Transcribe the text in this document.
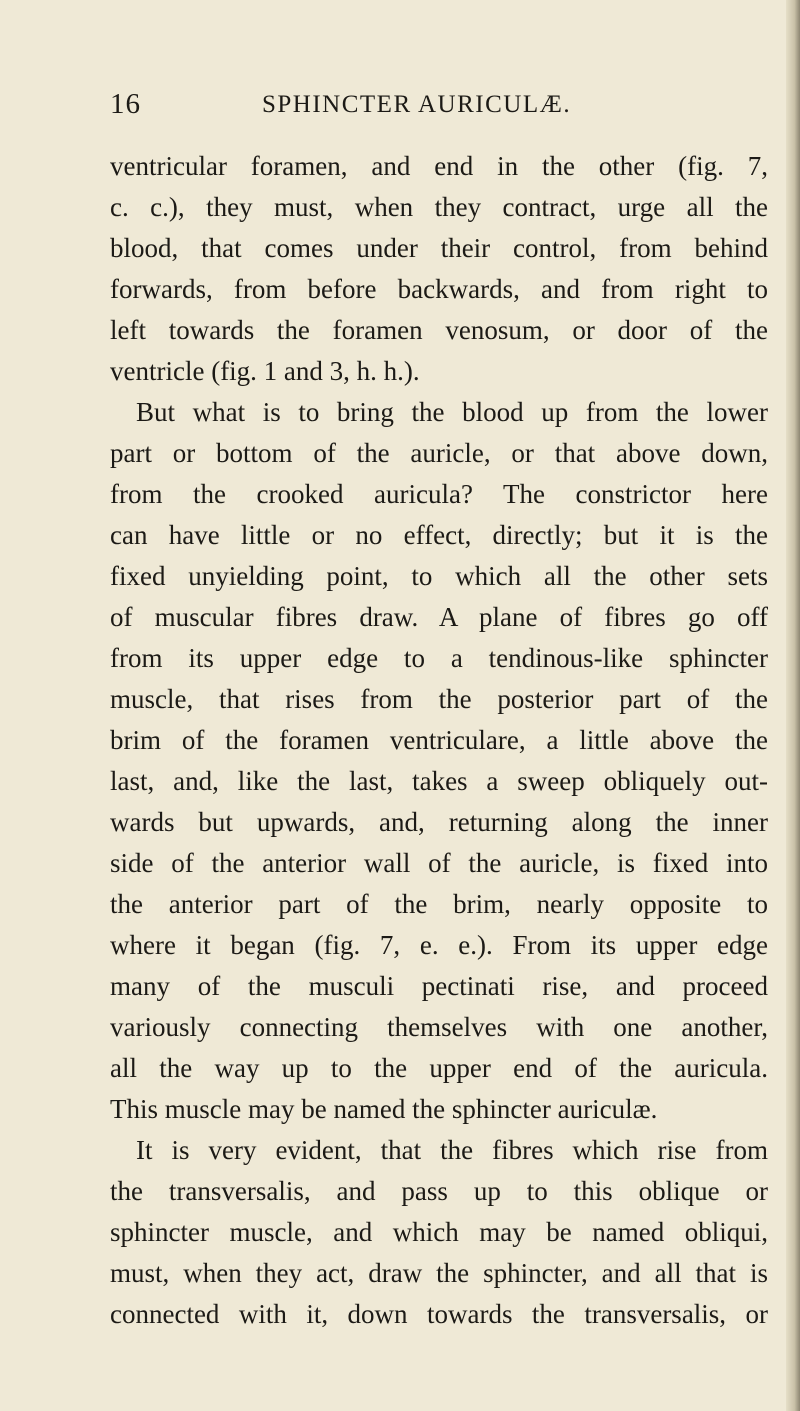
16	SPHINCTER AURICULÆ.
ventricular foramen, and end in the other (fig. 7,
c. c.), they must, when they contract, urge all the
blood, that comes under their control, from behind
forwards, from before backwards, and from right to
left towards the foramen venosum, or door of the
ventricle (fig. 1 and 3, h. h.).
But what is to bring the blood up from the lower
part or bottom of the auricle, or that above down,
from the crooked auricula? The constrictor here
can have little or no effect, directly; but it is the
fixed unyielding point, to which all the other sets
of muscular fibres draw. A plane of fibres go off
from its upper edge to a tendinous-like sphincter
muscle, that rises from the posterior part of the
brim of the foramen ventriculare, a little above the
last, and, like the last, takes a sweep obliquely out-
wards but upwards, and, returning along the inner
side of the anterior wall of the auricle, is fixed into
the anterior part of the brim, nearly opposite to
where it began (fig. 7, e. e.). From its upper edge
many of the musculi pectinati rise, and proceed
variously connecting themselves with one another,
all the way up to the upper end of the auricula.
This muscle may be named the sphincter auriculæ.
It is very evident, that the fibres which rise from
the transversalis, and pass up to this oblique or
sphincter muscle, and which may be named obliqui,
must, when they act, draw the sphincter, and all that is
connected with it, down towards the transversalis, or
